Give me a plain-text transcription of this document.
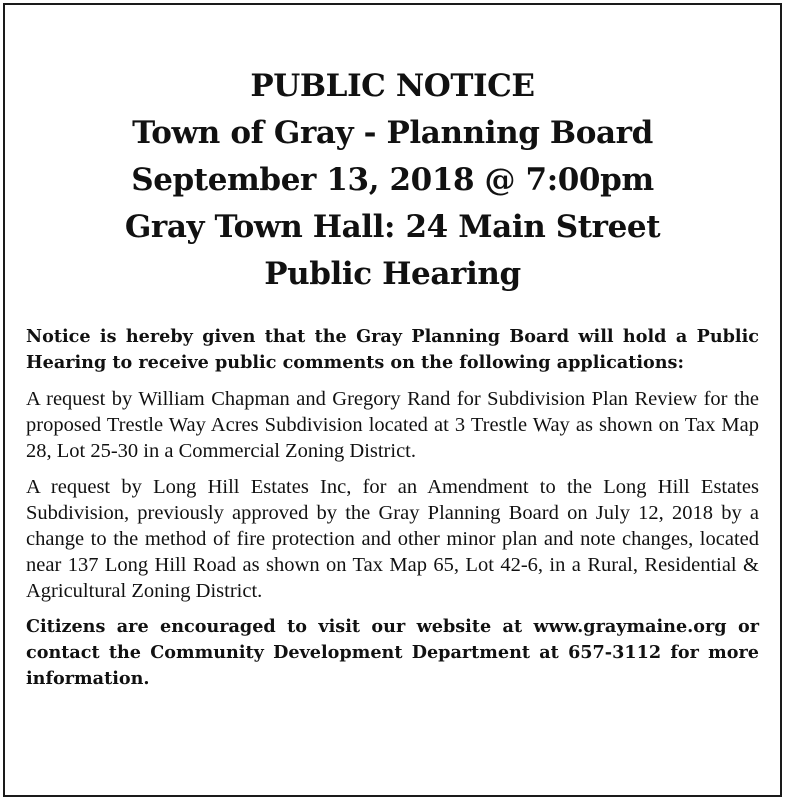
PUBLIC NOTICE
Town of Gray - Planning Board
September 13, 2018 @ 7:00pm
Gray Town Hall: 24 Main Street
Public Hearing

Notice is hereby given that the Gray Planning Board will hold a Public Hearing to receive public comments on the following applications:

A request by William Chapman and Gregory Rand for Subdivision Plan Review for the proposed Trestle Way Acres Subdivision located at 3 Trestle Way as shown on Tax Map 28, Lot 25-30 in a Commercial Zoning District.

A request by Long Hill Estates Inc, for an Amendment to the Long Hill Estates Subdivision, previously approved by the Gray Planning Board on July 12, 2018 by a change to the method of fire protection and other minor plan and note changes, located near 137 Long Hill Road as shown on Tax Map 65, Lot 42-6, in a Rural, Residential & Agricultural Zoning District.

Citizens are encouraged to visit our website at www.graymaine.org or contact the Community Development Department at 657-3112 for more information.
